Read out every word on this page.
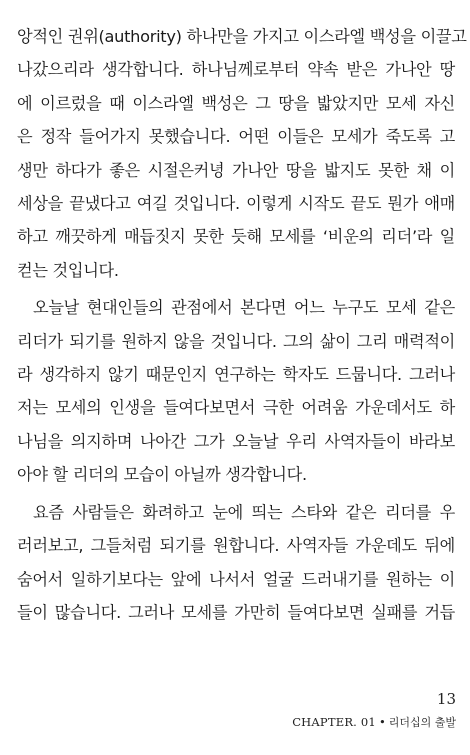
앙적인 권위(authority) 하나만을 가지고 이스라엘 백성을 이끌고
나갔으리라 생각합니다. 하나님께로부터 약속 받은 가나안 땅
에 이르렀을 때 이스라엘 백성은 그 땅을 밟았지만 모세 자신
은 정작 들어가지 못했습니다. 어떤 이들은 모세가 죽도록 고
생만 하다가 좋은 시절은커녕 가나안 땅을 밟지도 못한 채 이
세상을 끝냈다고 여길 것입니다. 이렇게 시작도 끝도 뭔가 애매
하고 깨끗하게 매듭짓지 못한 듯해 모세를 ‘비운의 리더’라 일
컫는 것입니다.

오늘날 현대인들의 관점에서 본다면 어느 누구도 모세 같은
리더가 되기를 원하지 않을 것입니다. 그의 삶이 그리 매력적이
라 생각하지 않기 때문인지 연구하는 학자도 드뭅니다. 그러나
저는 모세의 인생을 들여다보면서 극한 어려움 가운데서도 하
나님을 의지하며 나아간 그가 오늘날 우리 사역자들이 바라보
아야 할 리더의 모습이 아닐까 생각합니다.

요즘 사람들은 화려하고 눈에 띄는 스타와 같은 리더를 우
러러보고, 그들처럼 되기를 원합니다. 사역자들 가운데도 뒤에
숨어서 일하기보다는 앞에 나서서 얼굴 드러내기를 원하는 이
들이 많습니다. 그러나 모세를 가만히 들여다보면 실패를 거듭

13
CHAPTER. 01 • 리더십의 출발
